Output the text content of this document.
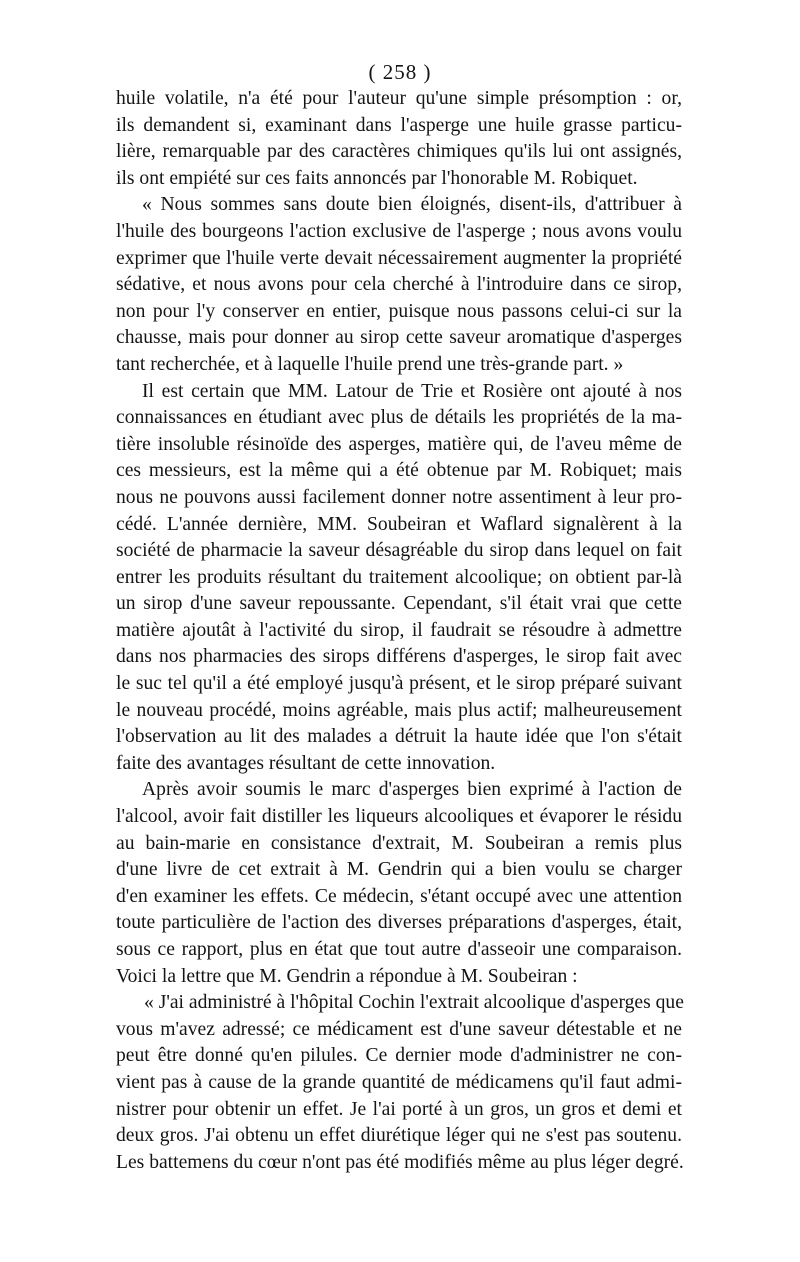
( 258 )
huile volatile, n'a été pour l'auteur qu'une simple présomption : or,
ils demandent si, examinant dans l'asperge une huile grasse particu-
lière, remarquable par des caractères chimiques qu'ils lui ont assignés,
ils ont empiété sur ces faits annoncés par l'honorable M. Robiquet.
« Nous sommes sans doute bien éloignés, disent-ils, d'attribuer à
l'huile des bourgeons l'action exclusive de l'asperge ; nous avons voulu
exprimer que l'huile verte devait nécessairement augmenter la propriété
sédative, et nous avons pour cela cherché à l'introduire dans ce sirop,
non pour l'y conserver en entier, puisque nous passons celui-ci sur la
chausse, mais pour donner au sirop cette saveur aromatique d'asperges
tant recherchée, et à laquelle l'huile prend une très-grande part. »
Il est certain que MM. Latour de Trie et Rosière ont ajouté à nos
connaissances en étudiant avec plus de détails les propriétés de la ma-
tière insoluble résinoïde des asperges, matière qui, de l'aveu même de
ces messieurs, est la même qui a été obtenue par M. Robiquet; mais
nous ne pouvons aussi facilement donner notre assentiment à leur pro-
cédé. L'année dernière, MM. Soubeiran et Waflard signalèrent à la
société de pharmacie la saveur désagréable du sirop dans lequel on fait
entrer les produits résultant du traitement alcoolique; on obtient par-là
un sirop d'une saveur repoussante. Cependant, s'il était vrai que cette
matière ajoutât à l'activité du sirop, il faudrait se résoudre à admettre
dans nos pharmacies des sirops différens d'asperges, le sirop fait avec
le suc tel qu'il a été employé jusqu'à présent, et le sirop préparé suivant
le nouveau procédé, moins agréable, mais plus actif; malheureusement
l'observation au lit des malades a détruit la haute idée que l'on s'était
faite des avantages résultant de cette innovation.
Après avoir soumis le marc d'asperges bien exprimé à l'action de
l'alcool, avoir fait distiller les liqueurs alcooliques et évaporer le résidu
au bain-marie en consistance d'extrait, M. Soubeiran a remis plus
d'une livre de cet extrait à M. Gendrin qui a bien voulu se charger
d'en examiner les effets. Ce médecin, s'étant occupé avec une attention
toute particulière de l'action des diverses préparations d'asperges, était,
sous ce rapport, plus en état que tout autre d'asseoir une comparaison.
Voici la lettre que M. Gendrin a répondue à M. Soubeiran :
« J'ai administré à l'hôpital Cochin l'extrait alcoolique d'asperges que
vous m'avez adressé; ce médicament est d'une saveur détestable et ne
peut être donné qu'en pilules. Ce dernier mode d'administrer ne con-
vient pas à cause de la grande quantité de médicamens qu'il faut admi-
nistrer pour obtenir un effet. Je l'ai porté à un gros, un gros et demi et
deux gros. J'ai obtenu un effet diurétique léger qui ne s'est pas soutenu.
Les battemens du cœur n'ont pas été modifiés même au plus léger degré.
